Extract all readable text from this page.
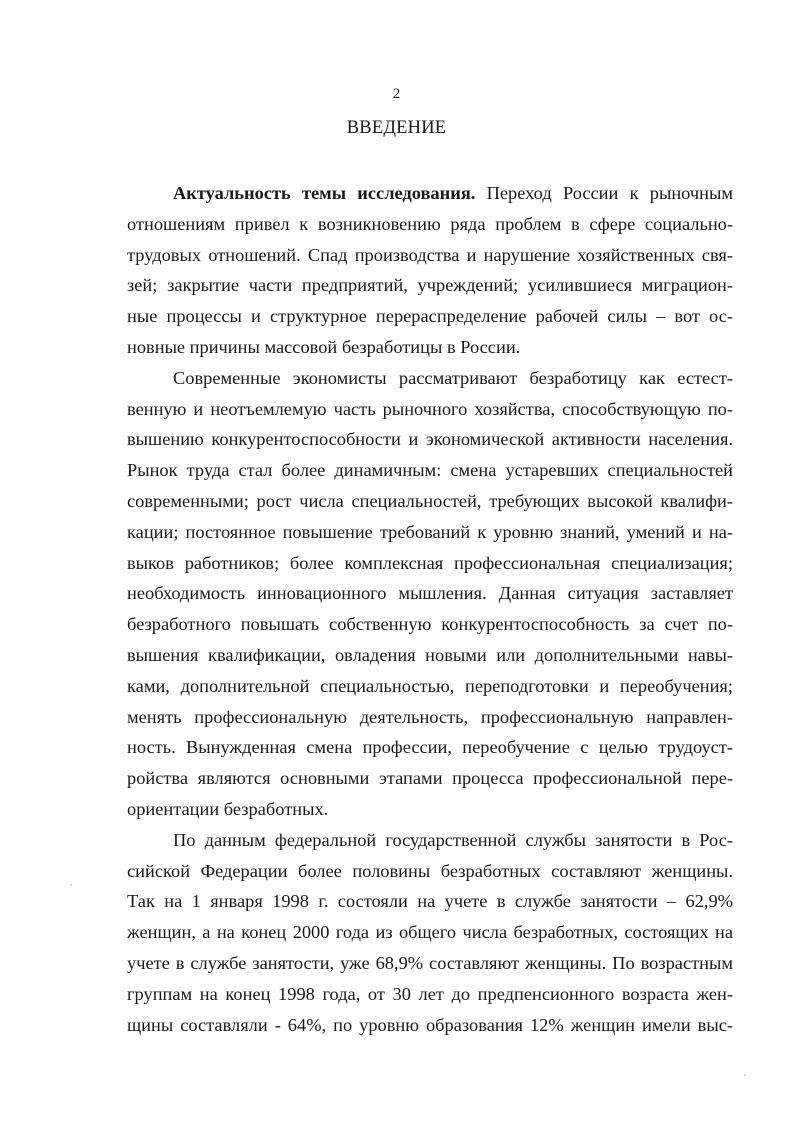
2
ВВЕДЕНИЕ
Актуальность темы исследования. Переход России к рыночным
отношениям привел к возникновению ряда проблем в сфере социально-
трудовых отношений. Спад производства и нарушение хозяйственных свя-
зей; закрытие части предприятий, учреждений; усилившиеся миграцион-
ные процессы и структурное перераспределение рабочей силы – вот ос-
новные причины массовой безработицы в России.
Современные экономисты рассматривают безработицу как естест-
венную и неотъемлемую часть рыночного хозяйства, способствующую по-
вышению конкурентоспособности и экономической активности населения.
Рынок труда стал более динамичным: смена устаревших специальностей
современными; рост числа специальностей, требующих высокой квалифи-
кации; постоянное повышение требований к уровню знаний, умений и на-
выков работников; более комплексная профессиональная специализация;
необходимость инновационного мышления. Данная ситуация заставляет
безработного повышать собственную конкурентоспособность за счет по-
вышения квалификации, овладения новыми или дополнительными навы-
ками, дополнительной специальностью, переподготовки и переобучения;
менять профессиональную деятельность, профессиональную направлен-
ность. Вынужденная смена профессии, переобучение с целью трудоуст-
ройства являются основными этапами процесса профессиональной пере-
ориентации безработных.
По данным федеральной государственной службы занятости в Рос-
сийской Федерации более половины безработных составляют женщины.
Так на 1 января 1998 г. состояли на учете в службе занятости – 62,9%
женщин, а на конец 2000 года из общего числа безработных, состоящих на
учете в службе занятости, уже 68,9% составляют женщины. По возрастным
группам на конец 1998 года, от 30 лет до предпенсионного возраста жен-
щины составляли - 64%, по уровню образования 12% женщин имели выс-
